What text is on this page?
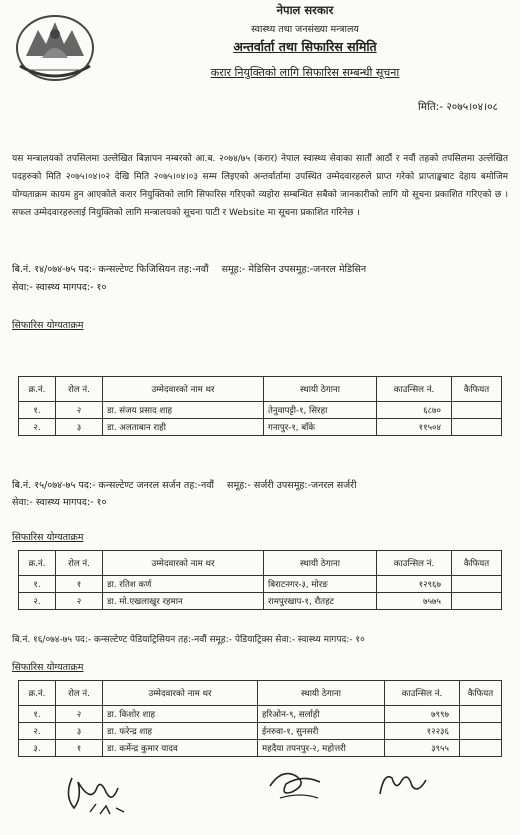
नेपाल सरकार
स्वास्थ्य तथा जनसंख्या मन्त्रालय
अन्तर्वार्ता तथा सिफारिस समिति
करार नियुक्तिको लागि सिफारिस सम्बन्धी सूचना
मिति:- २०७५।०४।०८
यस मन्त्रालयको तपसिलमा उल्लेखित बिज्ञापन नम्बरको आ.ब. २०७४/७५ (करार) नेपाल स्वास्थ्य सेवाका सातौं आठौं र नवौं तहको तपसिलमा उल्लेखित पदहरुको मिति २०७५।०४।०२ देखि मिति २०७५।०४।०३ सम्म लिइएको अन्तर्वार्तामा उपस्थित उम्मेदवारहरुले प्राप्त गरेको प्राप्ताङ्कबाट देहाय बमोजिम योग्यताक्रम कायम हुन आएकोले करार नियुक्तिको लागि सिफारिस गरिएको व्यहोरा सम्बन्धित सबैको जानकारीको लागि यो सूचना प्रकाशित गरिएको छ । सफल उम्मेदवारहरुलाई नियुक्तिको लागि मन्त्रालयको सूचना पाटी र Website मा सूचना प्रकाशित गरिनेछ ।
बि.नं. १४/०७४-७५ पद:- कन्सल्टेण्ट फिजिसियन तह:-नवौं समूह:- मेडिसिन उपसमूह:-जनरल मेडिसिन
सेवा:- स्वास्थ्य मागपद:- १०
सिफारिस योग्यताक्रम
क्र.नं.	रोल नं.	उम्मेदवारको नाम थर	स्थायी ठेगाना	काउन्सिल नं.	कैफियत
१.	२	डा. संजय प्रसाद शाह	तेनुवापट्टी-१, सिरहा	६८७०	
२.	३	डा. अलताबान राही	गनापुर-१, बाँके	११५०४	
बि.नं. १५/०७४-७५ पद:- कन्सल्टेण्ट जनरल सर्जन तह:-नवौं समूह:- सर्जरी उपसमूह:-जनरल सर्जरी
सेवा:- स्वास्थ्य मागपद:- १०
सिफारिस योग्यताक्रम
क्र.नं.	रोल नं.	उम्मेदवारको नाम थर	स्थायी ठेगाना	काउन्सिल नं.	कैफियत
१.	१	डा. रतिश कर्ण	बिराटनगर-३, मोरङ	१२९६७	
२.	२	डा. मो.एखलाखुर रहमान	रामपुरखाप-१, रौतहट	७५७५	
बि.नं. १६/०७४-७५ पद:- कन्सल्टेण्ट पेडियाट्रिसियन तह:-नवौं समूह:- पेडियाट्रिक्स सेवा:- स्वास्थ्य मागपद:- १०
सिफारिस योग्यताक्रम
क्र.नं.	रोल नं.	उम्मेदवारको नाम थर	स्थायी ठेगाना	काउन्सिल नं.	कैफियत
१.	२	डा. किशोर शाह	हरिओन-९, सर्लाही	७९९७	
२.	३	डा. फरेन्द्र शाह	ईनरुवा-१, सुनसरी	१२२३६	
३.	१	डा. कर्मेन्द्र कुमार यादव	महदैया तपनपुर-२, महोत्तरी	३९५५	
